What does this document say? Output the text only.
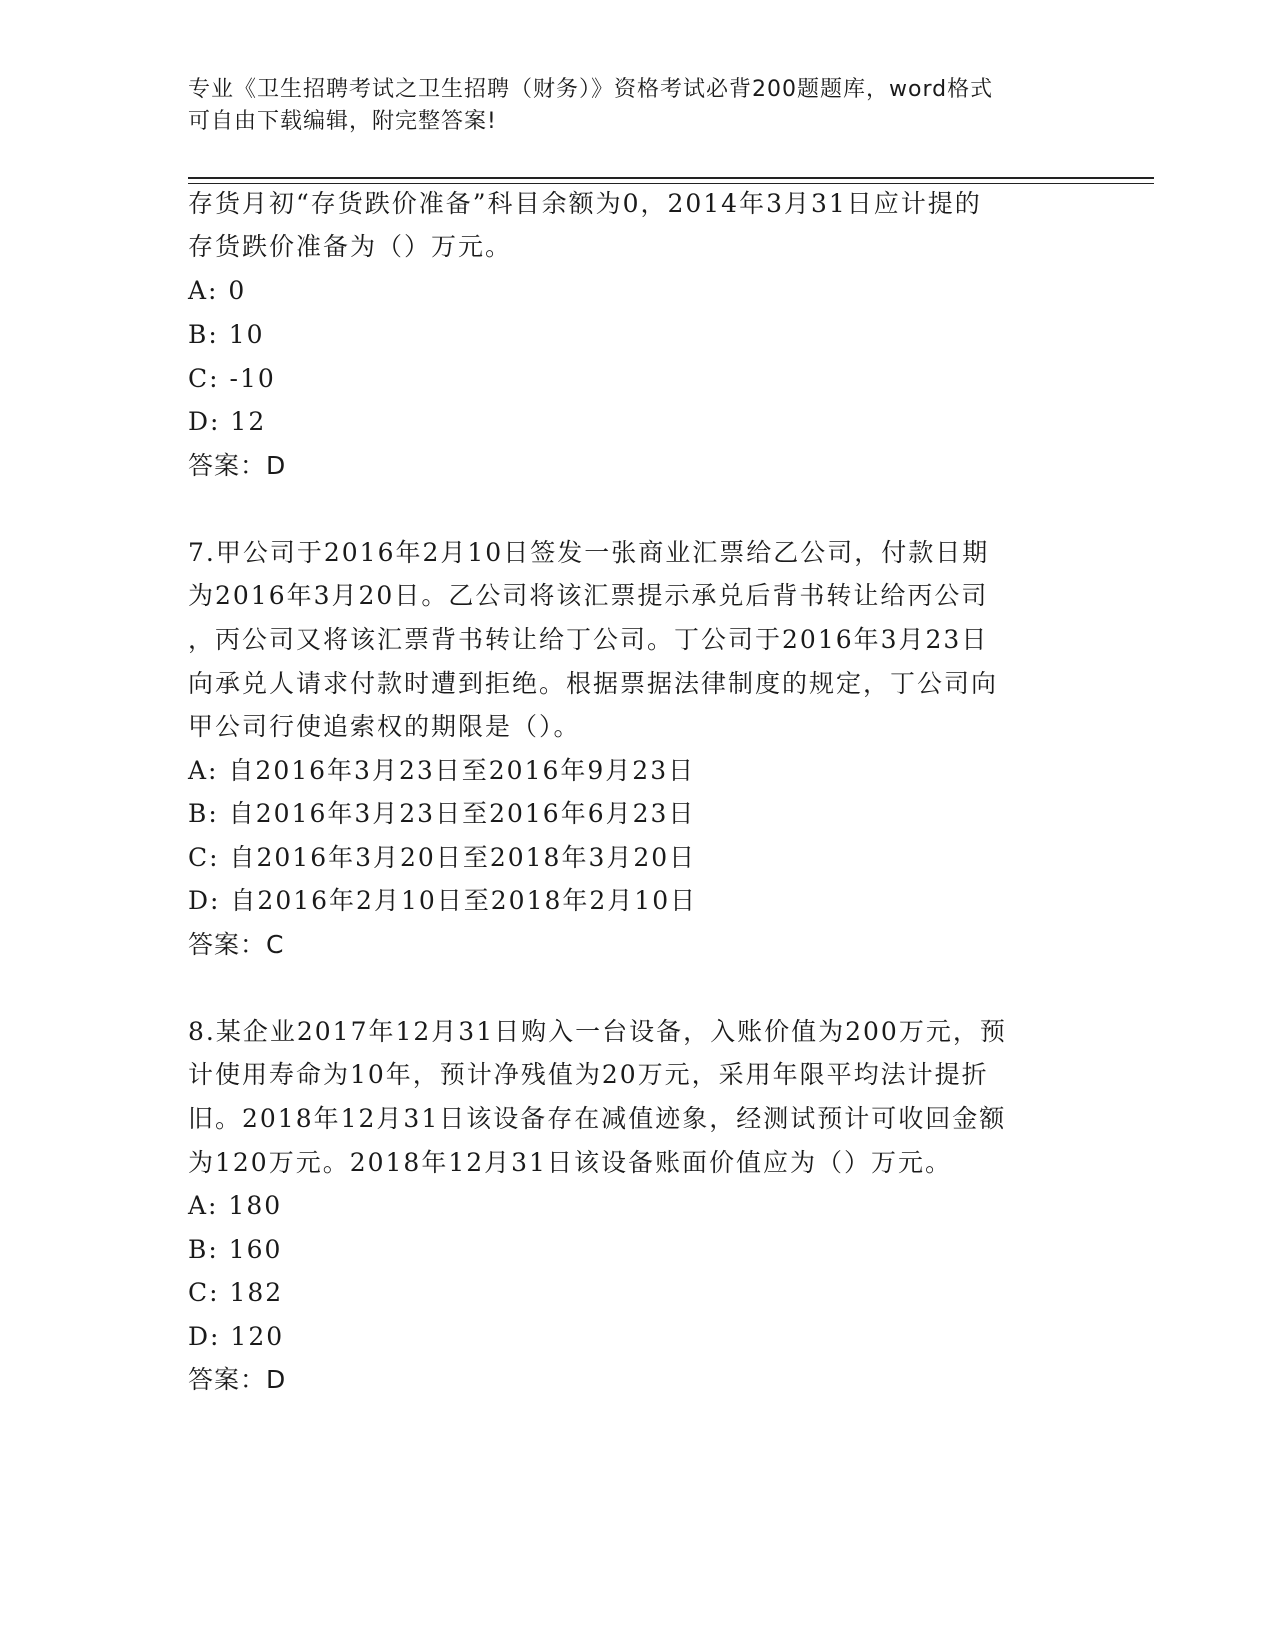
专业《卫生招聘考试之卫生招聘（财务）》资格考试必背200题题库，word格式
可自由下载编辑，附完整答案!
存货月初“存货跌价准备”科目余额为0，2014年3月31日应计提的
存货跌价准备为（）万元。
A: 0
B: 10
C: -10
D: 12
答案：D
7.甲公司于2016年2月10日签发一张商业汇票给乙公司，付款日期
为2016年3月20日。乙公司将该汇票提示承兑后背书转让给丙公司
，丙公司又将该汇票背书转让给丁公司。丁公司于2016年3月23日
向承兑人请求付款时遭到拒绝。根据票据法律制度的规定，丁公司向
甲公司行使追索权的期限是（）。
A: 自2016年3月23日至2016年9月23日
B: 自2016年3月23日至2016年6月23日
C: 自2016年3月20日至2018年3月20日
D: 自2016年2月10日至2018年2月10日
答案：C
8.某企业2017年12月31日购入一台设备，入账价值为200万元，预
计使用寿命为10年，预计净残值为20万元，采用年限平均法计提折
旧。2018年12月31日该设备存在减值迹象，经测试预计可收回金额
为120万元。2018年12月31日该设备账面价值应为（）万元。
A: 180
B: 160
C: 182
D: 120
答案：D
